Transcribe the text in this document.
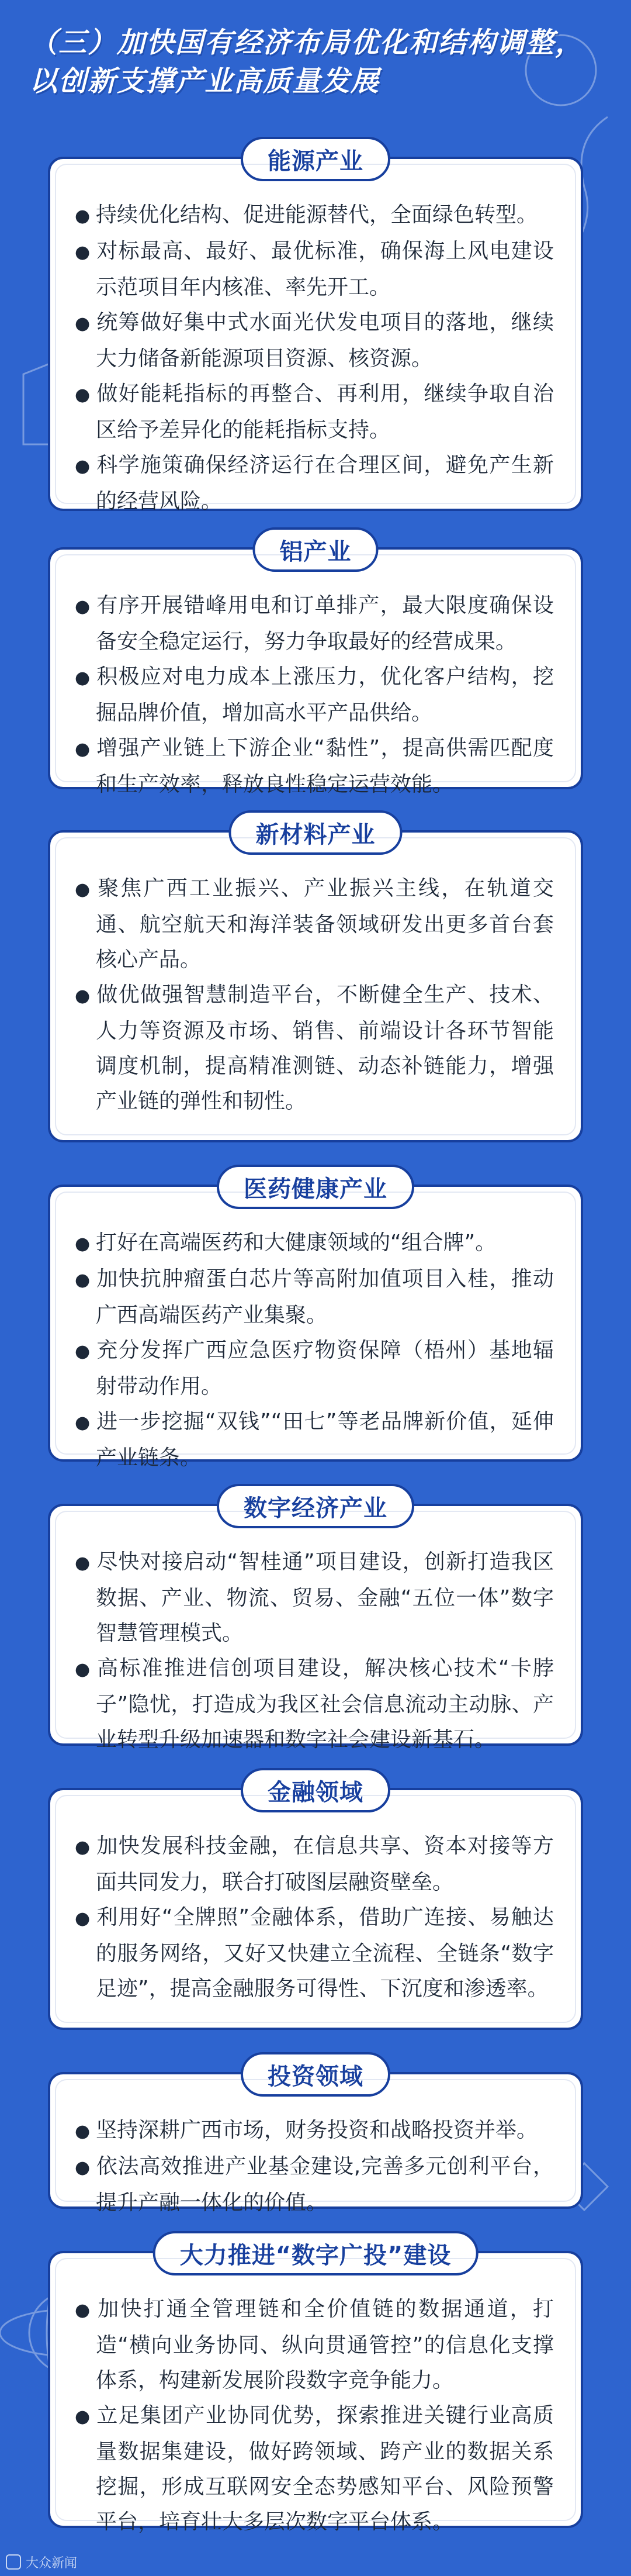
（三）加快国有经济布局优化和结构调整，
以创新支撑产业高质量发展
能源产业
● 持续优化结构、促进能源替代，全面绿色转型。
● 对标最高、最好、最优标准，确保海上风电建设示范项目年内核准、率先开工。
● 统筹做好集中式水面光伏发电项目的落地，继续大力储备新能源项目资源、核资源。
● 做好能耗指标的再整合、再利用，继续争取自治区给予差异化的能耗指标支持。
● 科学施策确保经济运行在合理区间，避免产生新的经营风险。
铝产业
● 有序开展错峰用电和订单排产，最大限度确保设备安全稳定运行，努力争取最好的经营成果。
● 积极应对电力成本上涨压力，优化客户结构，挖掘品牌价值，增加高水平产品供给。
● 增强产业链上下游企业“黏性”，提高供需匹配度和生产效率，释放良性稳定运营效能。
新材料产业
● 聚焦广西工业振兴、产业振兴主线，在轨道交通、航空航天和海洋装备领域研发出更多首台套核心产品。
● 做优做强智慧制造平台，不断健全生产、技术、人力等资源及市场、销售、前端设计各环节智能调度机制，提高精准测链、动态补链能力，增强产业链的弹性和韧性。
医药健康产业
● 打好在高端医药和大健康领域的“组合牌”。
● 加快抗肿瘤蛋白芯片等高附加值项目入桂，推动广西高端医药产业集聚。
● 充分发挥广西应急医疗物资保障（梧州）基地辐射带动作用。
● 进一步挖掘“双钱”“田七”等老品牌新价值，延伸产业链条。
数字经济产业
● 尽快对接启动“智桂通”项目建设，创新打造我区数据、产业、物流、贸易、金融“五位一体”数字智慧管理模式。
● 高标准推进信创项目建设，解决核心技术“卡脖子”隐忧，打造成为我区社会信息流动主动脉、产业转型升级加速器和数字社会建设新基石。
金融领域
● 加快发展科技金融，在信息共享、资本对接等方面共同发力，联合打破图层融资壁垒。
● 利用好“全牌照”金融体系，借助广连接、易触达的服务网络，又好又快建立全流程、全链条“数字足迹”，提高金融服务可得性、下沉度和渗透率。
投资领域
● 坚持深耕广西市场，财务投资和战略投资并举。
● 依法高效推进产业基金建设,完善多元创利平台，提升产融一体化的价值。
大力推进“数字广投”建设
● 加快打通全管理链和全价值链的数据通道，打造“横向业务协同、纵向贯通管控”的信息化支撑体系，构建新发展阶段数字竞争能力。
● 立足集团产业协同优势，探索推进关键行业高质量数据集建设，做好跨领域、跨产业的数据关系挖掘，形成互联网安全态势感知平台、风险预警平台，培育壮大多层次数字平台体系。
大众新闻
